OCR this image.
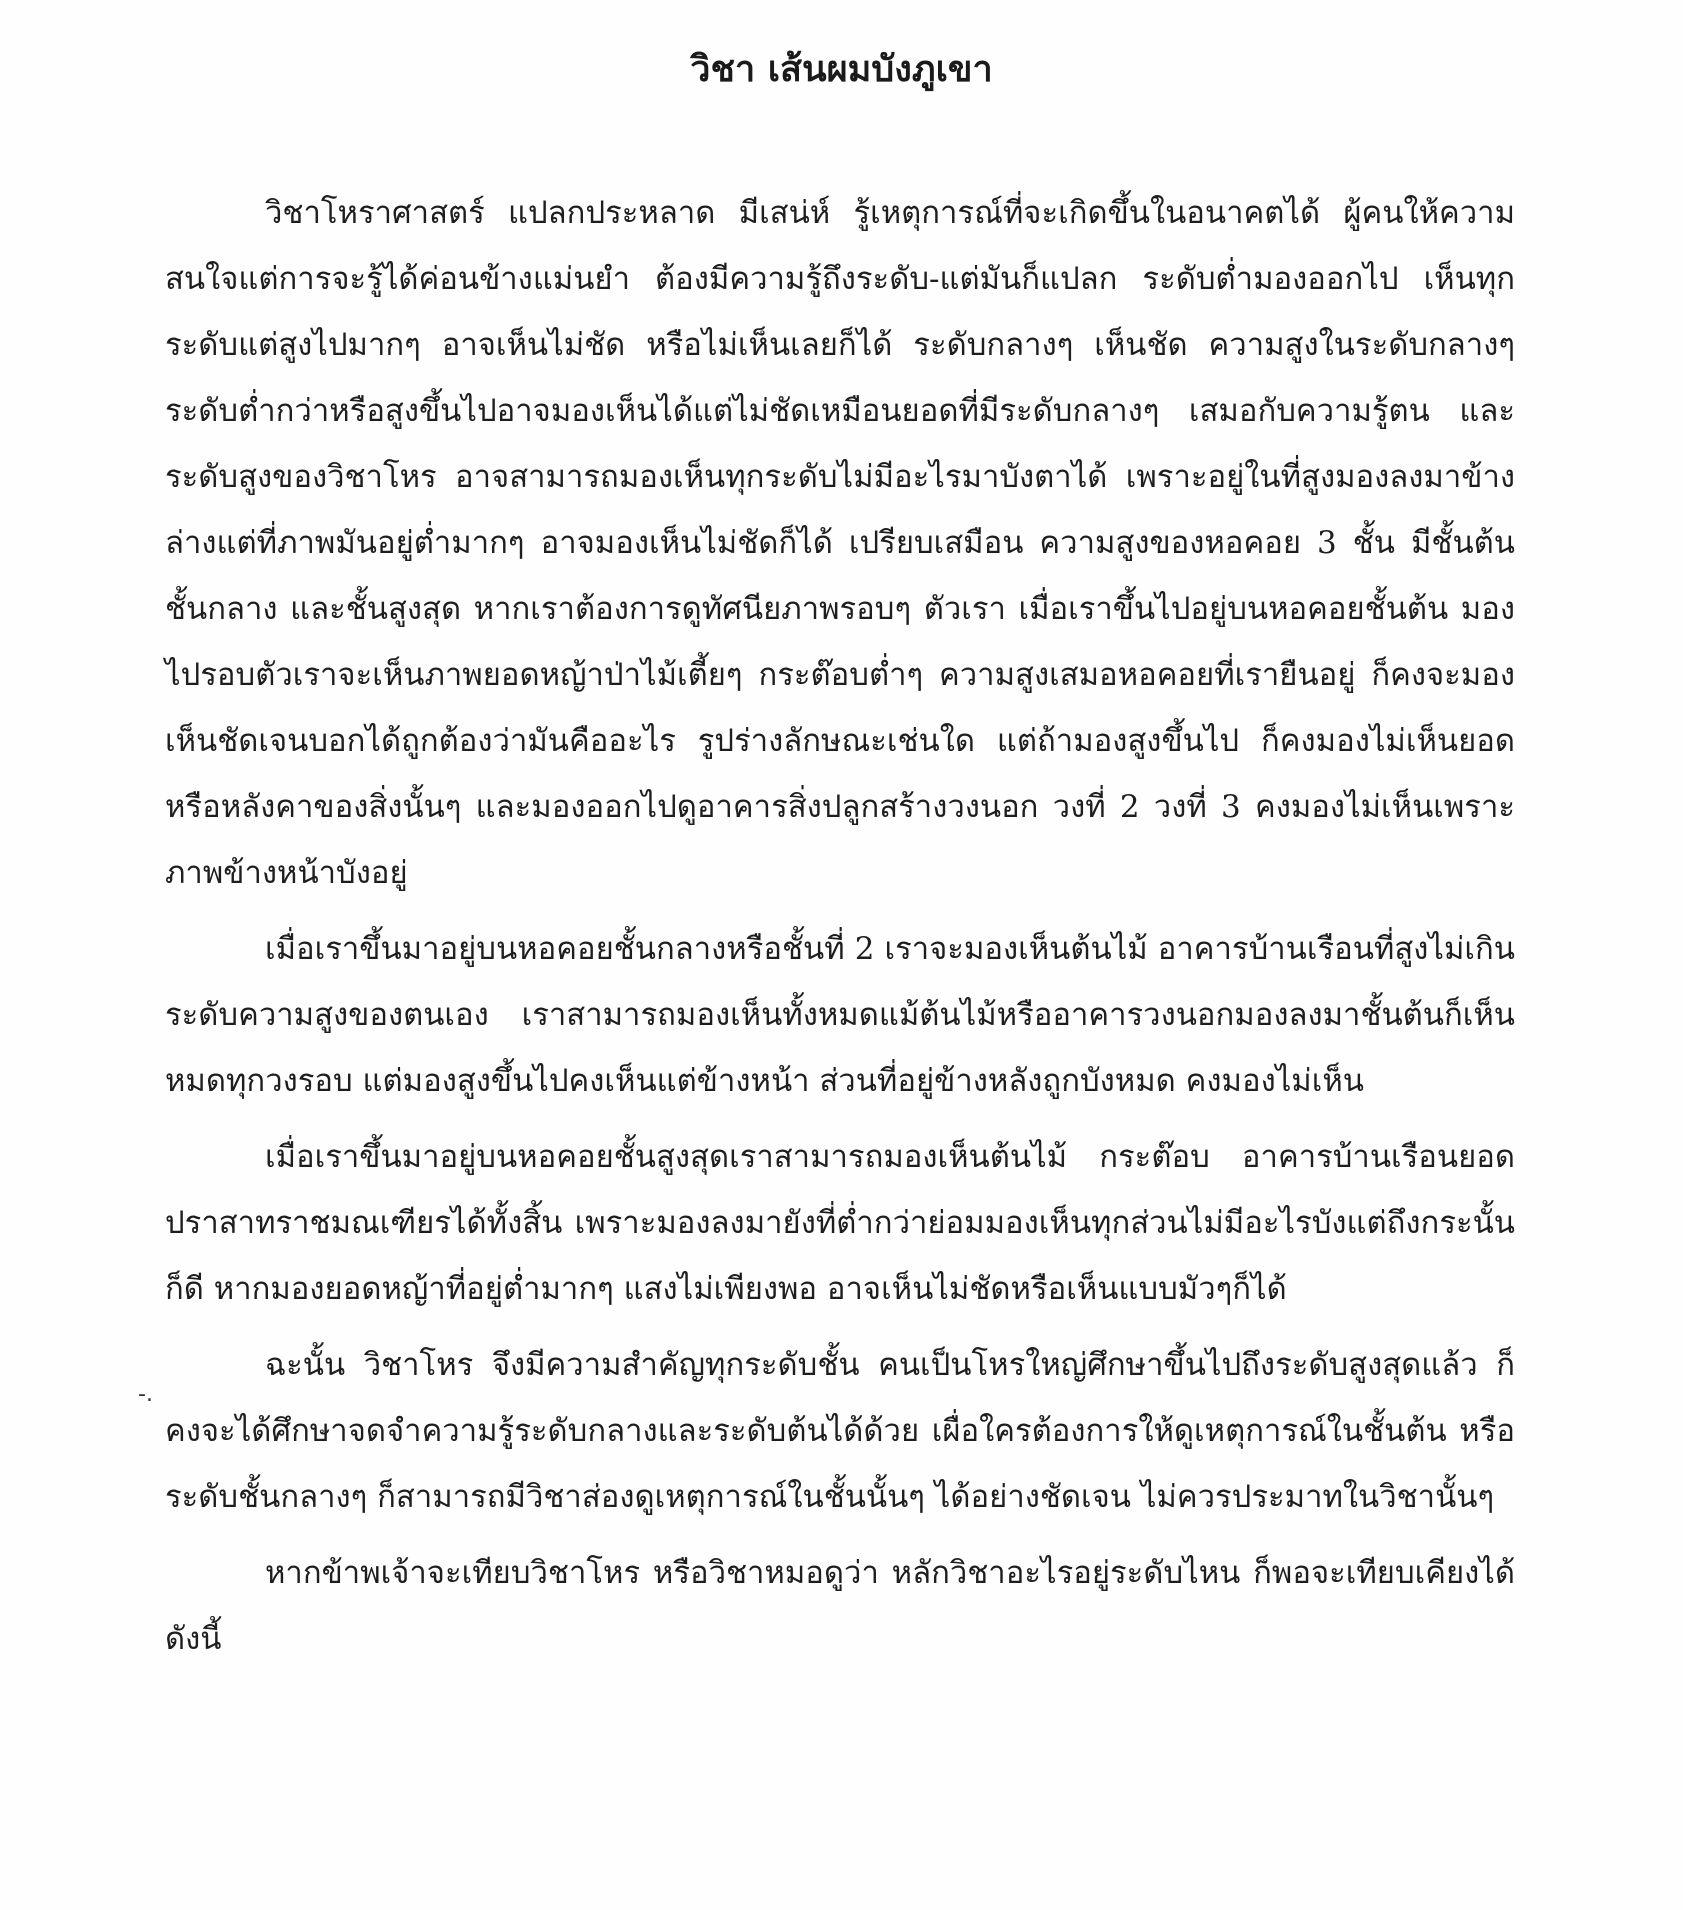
วิชา เส้นผมบังภูเขา
-.

วิชาโหราศาสตร์ แปลกประหลาด มีเสน่ห์ รู้เหตุการณ์ที่จะเกิดขึ้นในอนาคตได้ ผู้คนให้ความสนใจแต่การจะรู้ได้ค่อนข้างแม่นยำ ต้องมีความรู้ถึงระดับ-แต่มันก็แปลก ระดับต่ำมองออกไป เห็นทุกระดับแต่สูงไปมากๆ อาจเห็นไม่ชัด หรือไม่เห็นเลยก็ได้ ระดับกลางๆ เห็นชัด ความสูงในระดับกลางๆ ระดับต่ำกว่าหรือสูงขึ้นไปอาจมองเห็นได้แต่ไม่ชัดเหมือนยอดที่มีระดับกลางๆ เสมอกับความรู้ตน และระดับสูงของวิชาโหร อาจสามารถมองเห็นทุกระดับไม่มีอะไรมาบังตาได้ เพราะอยู่ในที่สูงมองลงมาข้างล่างแต่ที่ภาพมันอยู่ต่ำมากๆ อาจมองเห็นไม่ชัดก็ได้ เปรียบเสมือน ความสูงของหอคอย 3 ชั้น มีชั้นต้น ชั้นกลาง และชั้นสูงสุด หากเราต้องการดูทัศนียภาพรอบๆ ตัวเรา เมื่อเราขึ้นไปอยู่บนหอคอยชั้นต้น มองไปรอบตัวเราจะเห็นภาพยอดหญ้าป่าไม้เตี้ยๆ กระต๊อบต่ำๆ ความสูงเสมอหอคอยที่เรายืนอยู่ ก็คงจะมองเห็นชัดเจนบอกได้ถูกต้องว่ามันคืออะไร รูปร่างลักษณะเช่นใด แต่ถ้ามองสูงขึ้นไป ก็คงมองไม่เห็นยอดหรือหลังคาของสิ่งนั้นๆ และมองออกไปดูอาคารสิ่งปลูกสร้างวงนอก วงที่ 2 วงที่ 3 คงมองไม่เห็นเพราะภาพข้างหน้าบังอยู่

เมื่อเราขึ้นมาอยู่บนหอคอยชั้นกลางหรือชั้นที่ 2 เราจะมองเห็นต้นไม้ อาคารบ้านเรือนที่สูงไม่เกินระดับความสูงของตนเอง เราสามารถมองเห็นทั้งหมดแม้ต้นไม้หรืออาคารวงนอกมองลงมาชั้นต้นก็เห็นหมดทุกวงรอบ แต่มองสูงขึ้นไปคงเห็นแต่ข้างหน้า ส่วนที่อยู่ข้างหลังถูกบังหมด คงมองไม่เห็น

เมื่อเราขึ้นมาอยู่บนหอคอยชั้นสูงสุดเราสามารถมองเห็นต้นไม้ กระต๊อบ อาคารบ้านเรือนยอดปราสาทราชมณเฑียรได้ทั้งสิ้น เพราะมองลงมายังที่ต่ำกว่าย่อมมองเห็นทุกส่วนไม่มีอะไรบังแต่ถึงกระนั้นก็ดี หากมองยอดหญ้าที่อยู่ต่ำมากๆ แสงไม่เพียงพอ อาจเห็นไม่ชัดหรือเห็นแบบมัวๆก็ได้

ฉะนั้น วิชาโหร จึงมีความสำคัญทุกระดับชั้น คนเป็นโหรใหญ่ศึกษาขึ้นไปถึงระดับสูงสุดแล้ว ก็คงจะได้ศึกษาจดจำความรู้ระดับกลางและระดับต้นได้ด้วย เผื่อใครต้องการให้ดูเหตุการณ์ในชั้นต้น หรือระดับชั้นกลางๆ ก็สามารถมีวิชาส่องดูเหตุการณ์ในชั้นนั้นๆ ได้อย่างชัดเจน ไม่ควรประมาทในวิชานั้นๆ

หากข้าพเจ้าจะเทียบวิชาโหร หรือวิชาหมอดูว่า หลักวิชาอะไรอยู่ระดับไหน ก็พอจะเทียบเคียงได้ดังนี้
